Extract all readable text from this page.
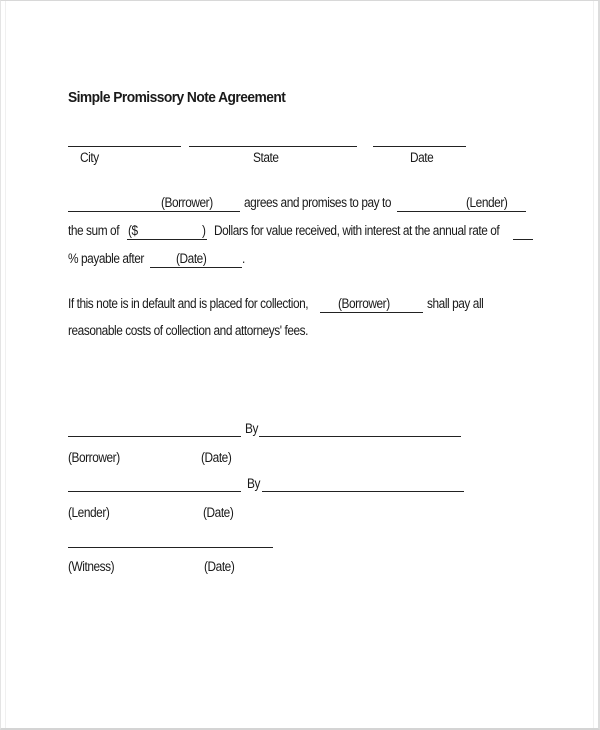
Simple Promissory Note Agreement
City	State	Date
(Borrower) agrees and promises to pay to	(Lender)
the sum of ($	) Dollars for value received, with interest at the annual rate of
% payable after (Date)	.
If this note is in default and is placed for collection, (Borrower)	shall pay all
reasonable costs of collection and attorneys' fees.
By
(Borrower)	(Date)
By
(Lender)	(Date)
(Witness)	(Date)
